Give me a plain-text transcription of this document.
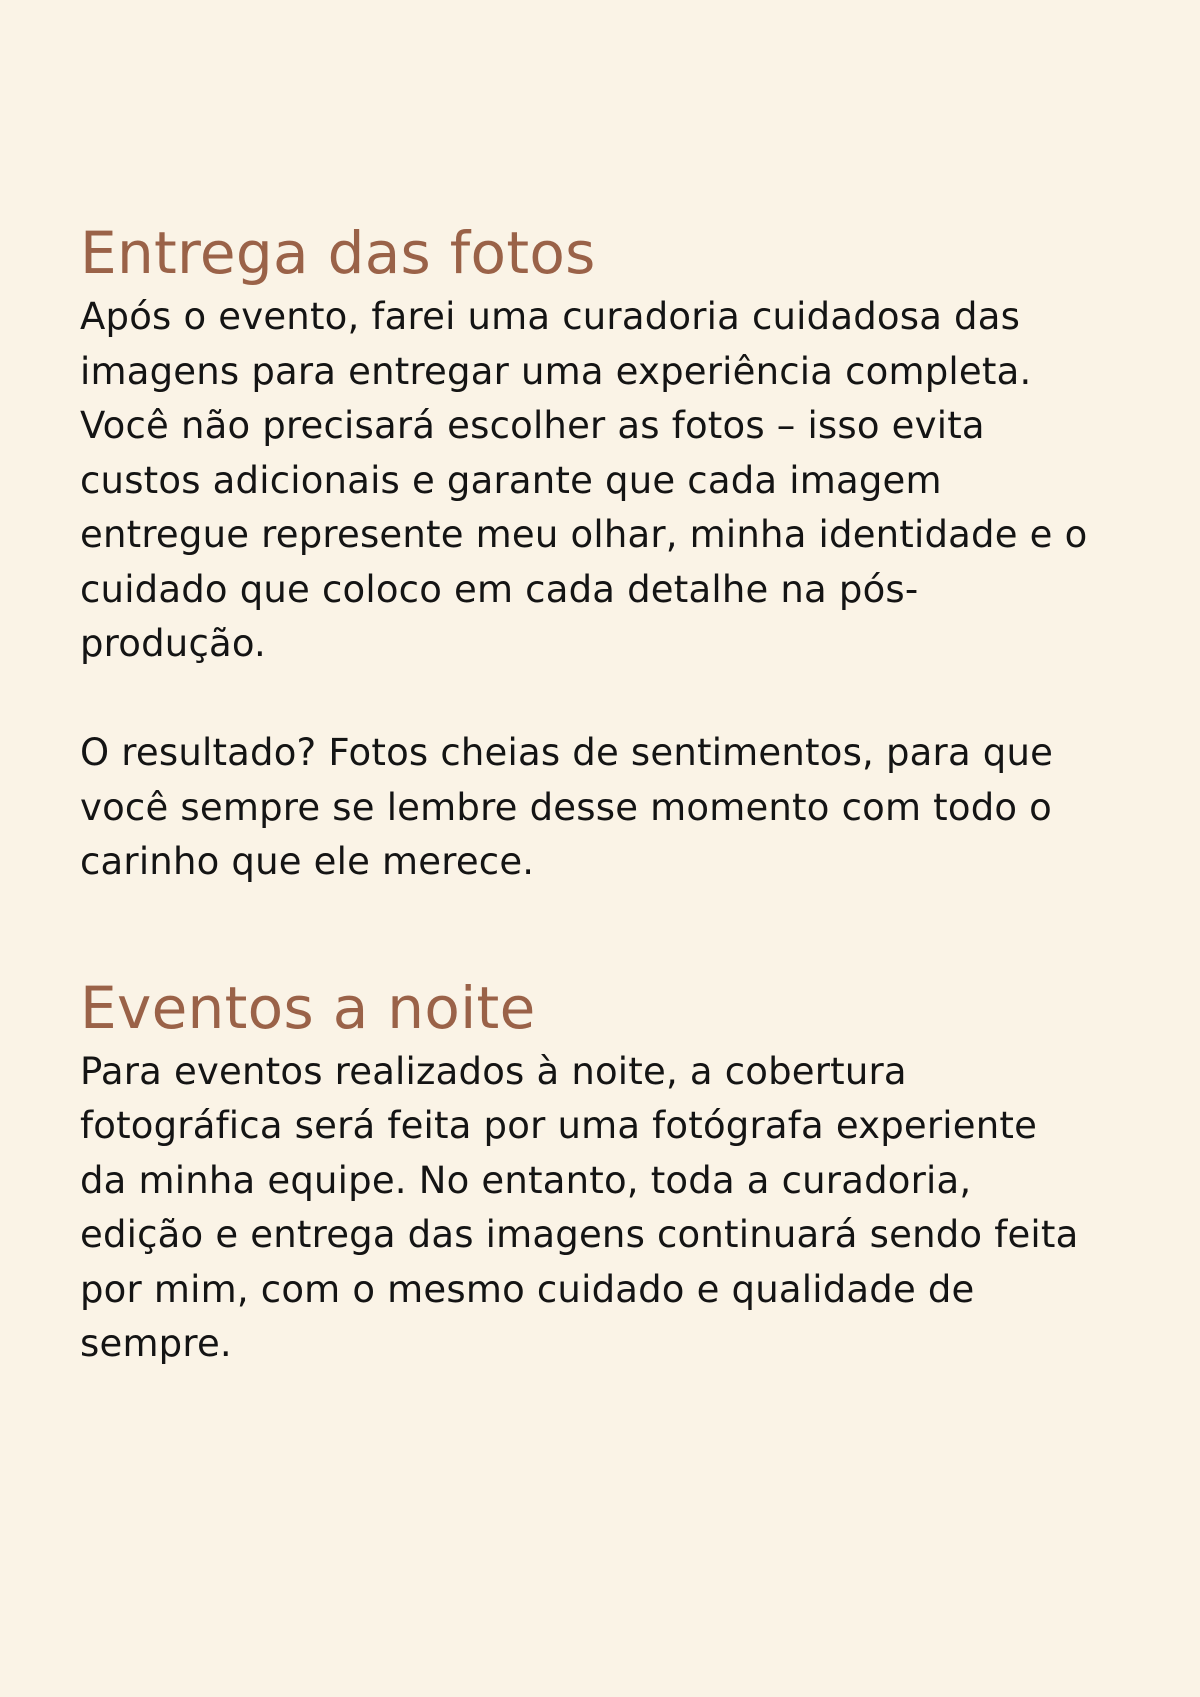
Entrega das fotos

Após o evento, farei uma curadoria cuidadosa das
imagens para entregar uma experiência completa.
Você não precisará escolher as fotos – isso evita
custos adicionais e garante que cada imagem
entregue represente meu olhar, minha identidade e o
cuidado que coloco em cada detalhe na pós-
produção.

O resultado? Fotos cheias de sentimentos, para que
você sempre se lembre desse momento com todo o
carinho que ele merece.

Eventos a noite

Para eventos realizados à noite, a cobertura
fotográfica será feita por uma fotógrafa experiente
da minha equipe. No entanto, toda a curadoria,
edição e entrega das imagens continuará sendo feita
por mim, com o mesmo cuidado e qualidade de
sempre.
